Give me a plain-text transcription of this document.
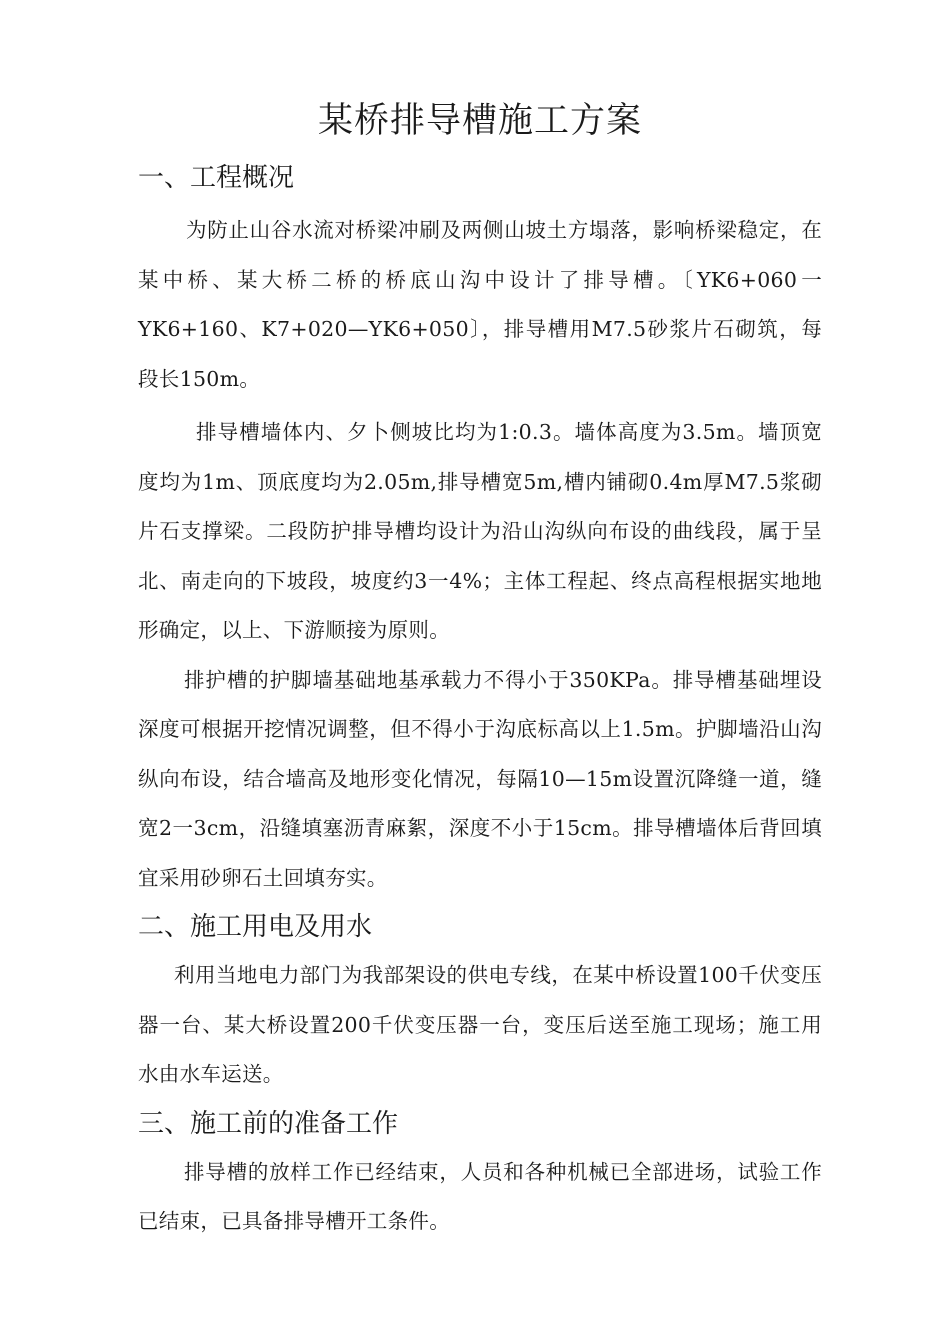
某桥排导槽施工方案
一、工程概况

为防止山谷水流对桥梁冲刷及两侧山坡土方塌落，影响桥梁稳定，在某中桥、某大桥二桥的桥底山沟中设计了排导槽。〔YK6+060一YK6+160、K7+020—YK6+050〕，排导槽用M7.5砂浆片石砌筑，每段长150m。

排导槽墙体内、夕卜侧坡比均为1:0.3。墙体高度为3.5m。墙顶宽度均为1m、顶底度均为2.05m,排导槽宽5m,槽内铺砌0.4m厚M7.5浆砌片石支撑梁。二段防护排导槽均设计为沿山沟纵向布设的曲线段，属于呈北、南走向的下坡段，坡度约3一4%；主体工程起、终点高程根据实地地形确定，以上、下游顺接为原则。

排护槽的护脚墙基础地基承载力不得小于350KPa。排导槽基础埋设深度可根据开挖情况调整，但不得小于沟底标高以上1.5m。护脚墙沿山沟纵向布设，结合墙高及地形变化情况，每隔10—15m设置沉降缝一道，缝宽2一3cm，沿缝填塞沥青麻絮，深度不小于15cm。排导槽墙体后背回填宜采用砂卵石土回填夯实。

二、施工用电及用水

利用当地电力部门为我部架设的供电专线，在某中桥设置100千伏变压器一台、某大桥设置200千伏变压器一台，变压后送至施工现场；施工用水由水车运送。

三、施工前的准备工作

排导槽的放样工作已经结束，人员和各种机械已全部进场，试验工作已结束，已具备排导槽开工条件。
